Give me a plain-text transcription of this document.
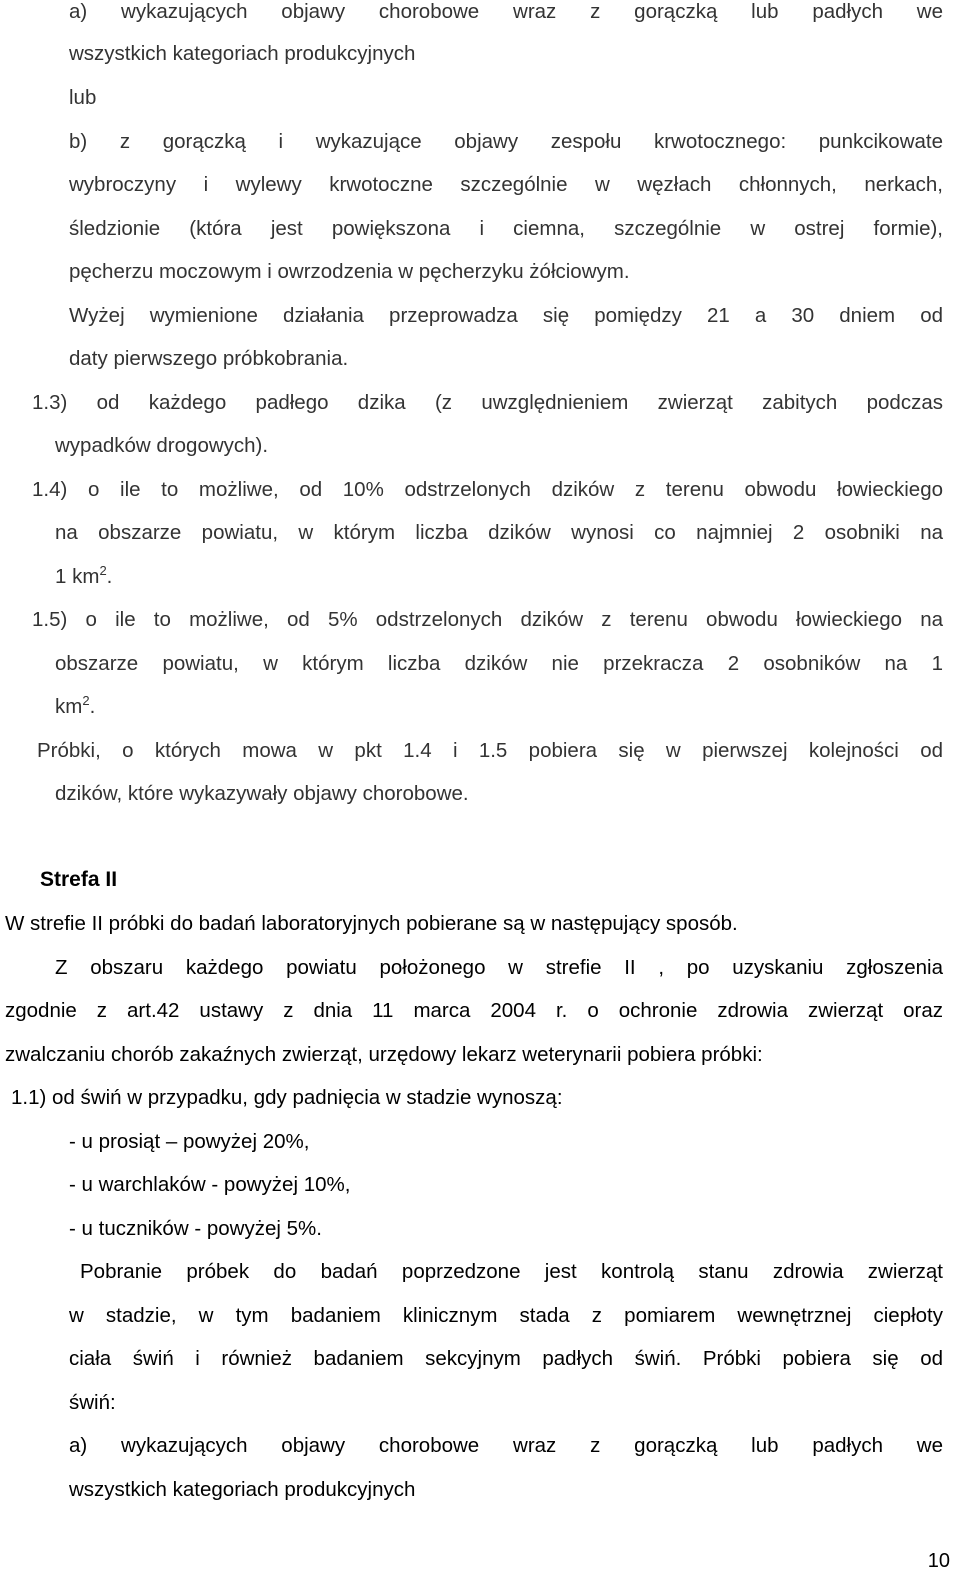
a) wykazujących objawy chorobowe wraz z gorączką lub padłych we
wszystkich kategoriach produkcyjnych
lub
b) z gorączką i wykazujące objawy zespołu krwotocznego: punkcikowate
wybroczyny i wylewy krwotoczne szczególnie w węzłach chłonnych, nerkach,
śledzionie (która jest powiększona i ciemna, szczególnie w ostrej formie),
pęcherzu moczowym i owrzodzenia w pęcherzyku żółciowym.
Wyżej wymienione działania przeprowadza się pomiędzy 21 a 30 dniem od
daty pierwszego próbkobrania.
1.3) od każdego padłego dzika (z uwzględnieniem zwierząt zabitych podczas
wypadków drogowych).
1.4) o ile to możliwe, od 10% odstrzelonych dzików z terenu obwodu łowieckiego
na obszarze powiatu, w którym liczba dzików wynosi co najmniej 2 osobniki na
1 $km^2$.
1.5) o ile to możliwe, od 5% odstrzelonych dzików z terenu obwodu łowieckiego na
obszarze powiatu, w którym liczba dzików nie przekracza 2 osobników na 1
$km^2$.
Próbki, o których mowa w pkt 1.4 i 1.5 pobiera się w pierwszej kolejności od
dzików, które wykazywały objawy chorobowe.
Strefa II
W strefie II próbki do badań laboratoryjnych pobierane są w następujący sposób.
Z obszaru każdego powiatu położonego w strefie II , po uzyskaniu zgłoszenia
zgodnie z art.42 ustawy z dnia 11 marca 2004 r. o ochronie zdrowia zwierząt oraz
zwalczaniu chorób zakaźnych zwierząt, urzędowy lekarz weterynarii pobiera próbki:
1.1) od świń w przypadku, gdy padnięcia w stadzie wynoszą:
- u prosiąt – powyżej 20%,
- u warchlaków - powyżej 10%,
- u tuczników - powyżej 5%.
Pobranie próbek do badań poprzedzone jest kontrolą stanu zdrowia zwierząt
w stadzie, w tym badaniem klinicznym stada z pomiarem wewnętrznej ciepłoty
ciała świń i również badaniem sekcyjnym padłych świń. Próbki pobiera się od
świń:
a) wykazujących objawy chorobowe wraz z gorączką lub padłych we
wszystkich kategoriach produkcyjnych
10
